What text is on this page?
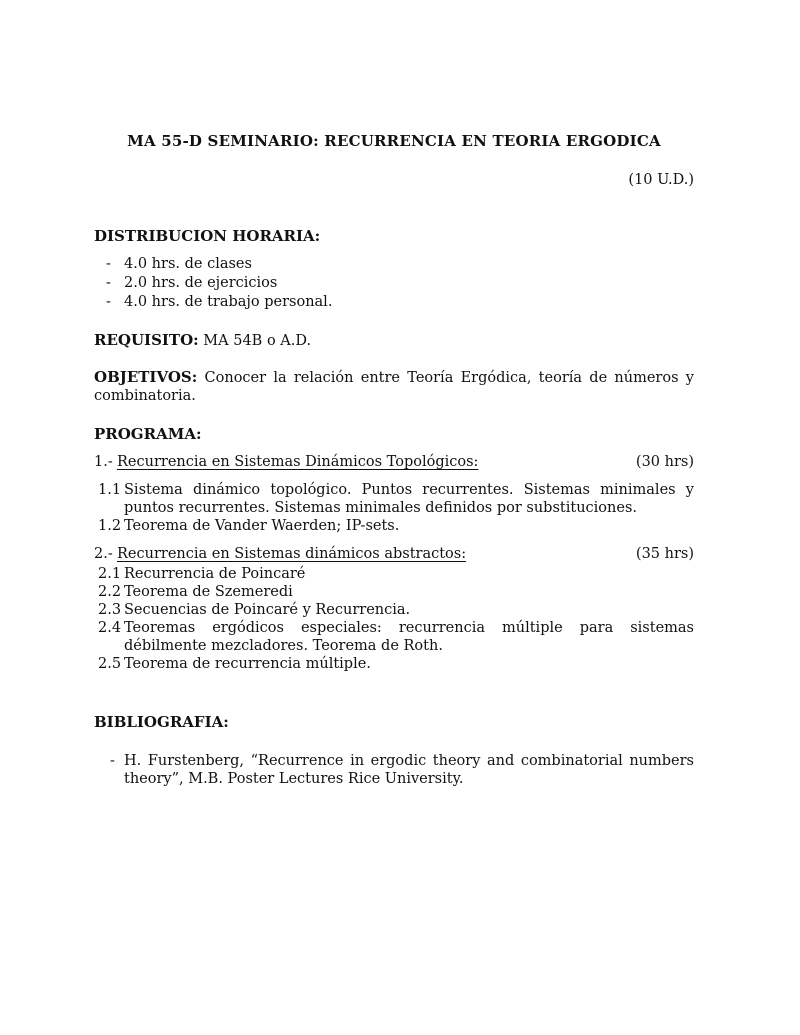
MA 55-D SEMINARIO: RECURRENCIA EN TEORIA ERGODICA
(10 U.D.)
DISTRIBUCION HORARIA:
- 4.0 hrs. de clases
- 2.0 hrs. de ejercicios
- 4.0 hrs. de trabajo personal.
REQUISITO: MA 54B o A.D.
OBJETIVOS: Conocer la relación entre Teoría Ergódica, teoría de números y combinatoria.
PROGRAMA:
1.- Recurrencia en Sistemas Dinámicos Topológicos:	(30 hrs)
1.1 Sistema dinámico topológico. Puntos recurrentes. Sistemas minimales y puntos recurrentes. Sistemas minimales definidos por substituciones.
1.2 Teorema de Vander Waerden; IP-sets.
2.- Recurrencia en Sistemas dinámicos abstractos:	(35 hrs)
2.1 Recurrencia de Poincaré
2.2 Teorema de Szemeredi
2.3 Secuencias de Poincaré y Recurrencia.
2.4 Teoremas ergódicos especiales: recurrencia múltiple para sistemas débilmente mezcladores. Teorema de Roth.
2.5 Teorema de recurrencia múltiple.
BIBLIOGRAFIA:
- H. Furstenberg, “Recurrence in ergodic theory and combinatorial numbers theory”, M.B. Poster Lectures Rice University.
